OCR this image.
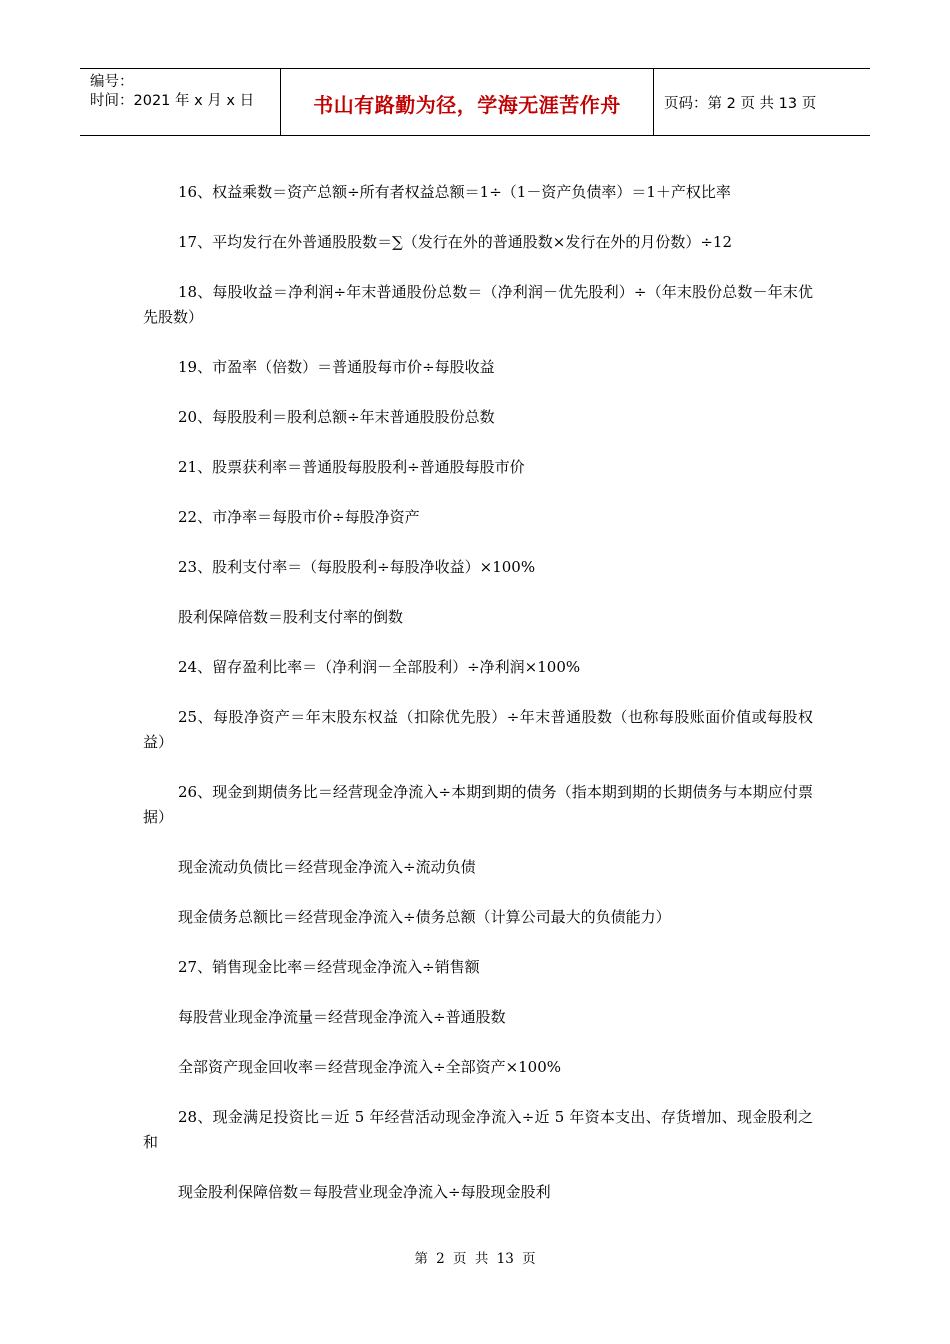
编号：
时间：2021 年 x 月 x 日	书山有路勤为径，学海无涯苦作舟	页码：第 2 页 共 13 页

16、权益乘数＝资产总额÷所有者权益总额＝1÷（1－资产负债率）＝1＋产权比率

17、平均发行在外普通股股数＝∑（发行在外的普通股数×发行在外的月份数）÷12

18、每股收益＝净利润÷年末普通股份总数＝（净利润－优先股利）÷（年末股份总数－年末优先股数）

19、市盈率（倍数）＝普通股每市价÷每股收益

20、每股股利＝股利总额÷年末普通股股份总数

21、股票获利率＝普通股每股股利÷普通股每股市价

22、市净率＝每股市价÷每股净资产

23、股利支付率＝（每股股利÷每股净收益）×100%

股利保障倍数＝股利支付率的倒数

24、留存盈利比率＝（净利润－全部股利）÷净利润×100%

25、每股净资产＝年末股东权益（扣除优先股）÷年末普通股数（也称每股账面价值或每股权益）

26、现金到期债务比＝经营现金净流入÷本期到期的债务（指本期到期的长期债务与本期应付票据）

现金流动负债比＝经营现金净流入÷流动负债

现金债务总额比＝经营现金净流入÷债务总额（计算公司最大的负债能力）

27、销售现金比率＝经营现金净流入÷销售额

每股营业现金净流量＝经营现金净流入÷普通股数

全部资产现金回收率＝经营现金净流入÷全部资产×100%

28、现金满足投资比＝近 5 年经营活动现金净流入÷近 5 年资本支出、存货增加、现金股利之和

现金股利保障倍数＝每股营业现金净流入÷每股现金股利

第 2 页 共 13 页
